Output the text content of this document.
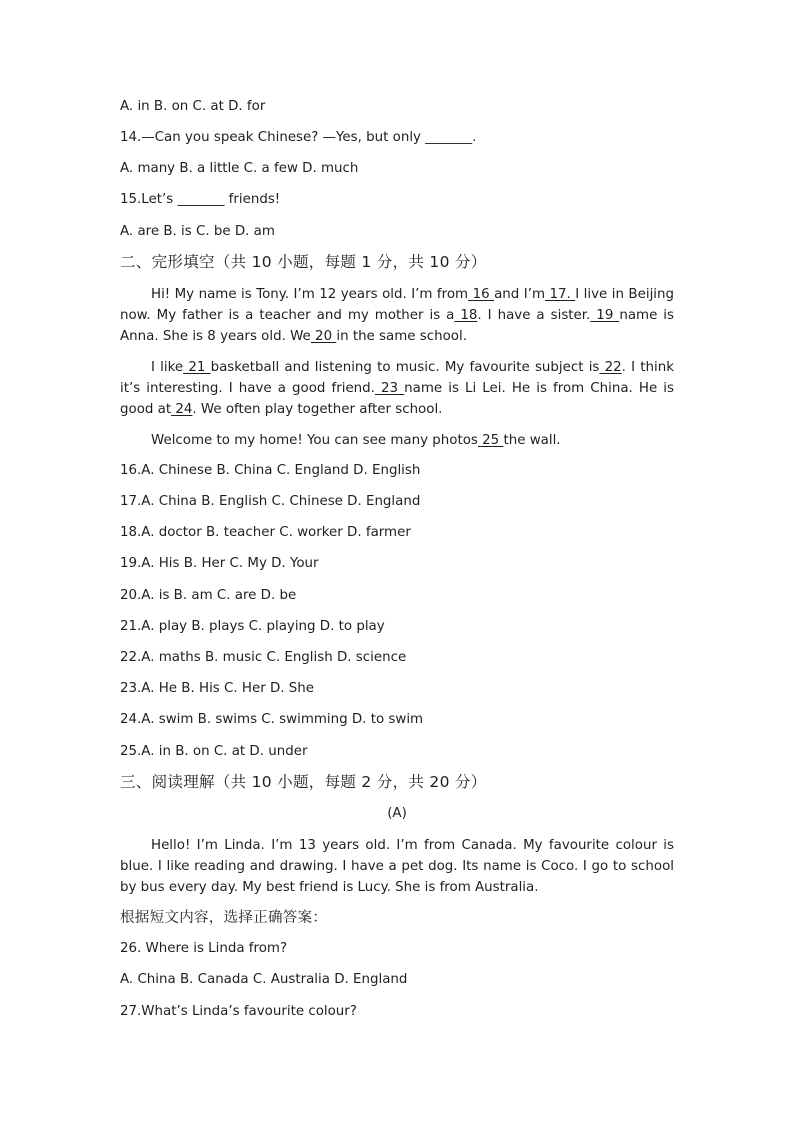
A. in B. on C. at D. for
14.—Can you speak Chinese? —Yes, but only _______.
A. many B. a little C. a few D. much
15.Let’s _______ friends!
A. are B. is C. be D. am
二、完形填空（共 10 小题，每题 1 分，共 10 分）
Hi! My name is Tony. I’m 12 years old. I’m from 16 and I’m 17. I live in Beijing now. My father is a teacher and my mother is a 18. I have a sister. 19 name is Anna. She is 8 years old. We 20 in the same school.
I like 21 basketball and listening to music. My favourite subject is 22. I think it’s interesting. I have a good friend. 23 name is Li Lei. He is from China. He is good at 24. We often play together after school.
Welcome to my home! You can see many photos 25 the wall.
16.A. Chinese B. China C. England D. English
17.A. China B. English C. Chinese D. England
18.A. doctor B. teacher C. worker D. farmer
19.A. His B. Her C. My D. Your
20.A. is B. am C. are D. be
21.A. play B. plays C. playing D. to play
22.A. maths B. music C. English D. science
23.A. He B. His C. Her D. She
24.A. swim B. swims C. swimming D. to swim
25.A. in B. on C. at D. under
三、阅读理解（共 10 小题，每题 2 分，共 20 分）
(A)
Hello! I’m Linda. I’m 13 years old. I’m from Canada. My favourite colour is blue. I like reading and drawing. I have a pet dog. Its name is Coco. I go to school by bus every day. My best friend is Lucy. She is from Australia.
根据短文内容，选择正确答案：
26. Where is Linda from?
A. China B. Canada C. Australia D. England
27.What’s Linda’s favourite colour?
